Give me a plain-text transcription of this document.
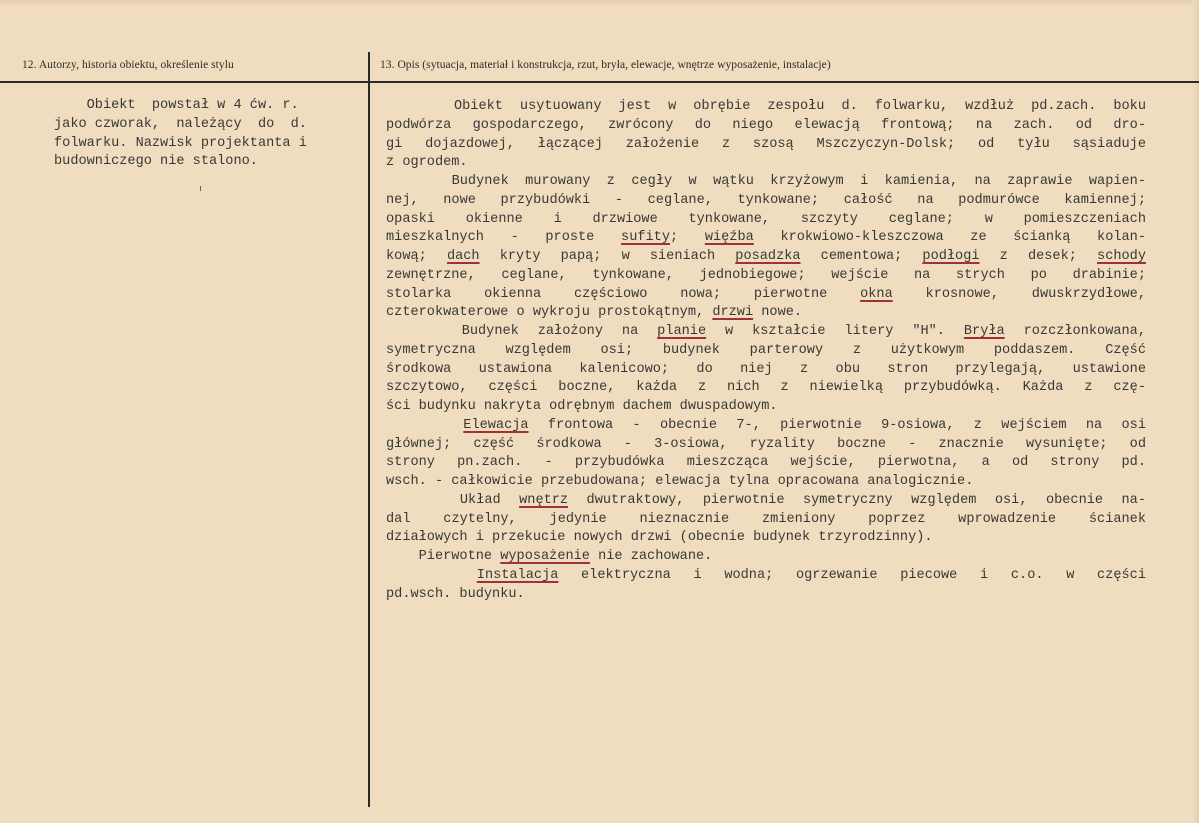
12. Autorzy, historia obiektu, określenie stylu	13. Opis (sytuacja, materiał i konstrukcja, rzut, bryła, elewacje, wnętrze wyposażenie, instalacje)
Obiekt  powstał w 4 ćw. r.
jako czworak,  należący  do  d.
folwarku. Nazwisk projektanta i
budowniczego nie stalono.
Obiekt usytuowany jest w obrębie zespołu d. folwarku, wzdłuż pd.zach. boku
podwórza gospodarczego, zwrócony do niego elewacją frontową; na zach. od dro-
gi dojazdowej, łączącej założenie z szosą Mszczyczyn-Dolsk; od tyłu sąsiaduje
z ogrodem.
Budynek murowany z cegły w wątku krzyżowym i kamienia, na zaprawie wapien-
nej, nowe przybudówki - ceglane, tynkowane; całość na podmurówce kamiennej;
opaski okienne i drzwiowe tynkowane, szczyty ceglane; w pomieszczeniach
mieszkalnych - proste sufity; więźba krokwiowo-kleszczowa ze ścianką kolan-
kową; dach kryty papą; w sieniach posadzka cementowa; podłogi z desek; schody
zewnętrzne, ceglane, tynkowane, jednobiegowe; wejście na strych po drabinie;
stolarka okienna częściowo nowa; pierwotne okna krosnowe, dwuskrzydłowe,
czterokwaterowe o wykroju prostokątnym, drzwi nowe.
Budynek założony na planie w kształcie litery "H". Bryła rozczłonkowana,
symetryczna względem osi; budynek parterowy z użytkowym poddaszem. Część
środkowa ustawiona kalenicowo; do niej z obu stron przylegają, ustawione
szczytowo, części boczne, każda z nich z niewielką przybudówką. Każda z czę-
ści budynku nakryta odrębnym dachem dwuspadowym.
Elewacja frontowa - obecnie 7-, pierwotnie 9-osiowa, z wejściem na osi
głównej; część środkowa - 3-osiowa, ryzality boczne - znacznie wysunięte; od
strony pn.zach. - przybudówka mieszcząca wejście, pierwotna, a od strony pd.
wsch. - całkowicie przebudowana; elewacja tylna opracowana analogicznie.
Układ wnętrz dwutraktowy, pierwotnie symetryczny względem osi, obecnie na-
dal czytelny, jedynie nieznacznie zmieniony poprzez wprowadzenie ścianek
działowych i przekucie nowych drzwi (obecnie budynek trzyrodzinny).
Pierwotne wyposażenie nie zachowane.
Instalacja elektryczna i wodna; ogrzewanie piecowe i c.o. w części
pd.wsch. budynku.
